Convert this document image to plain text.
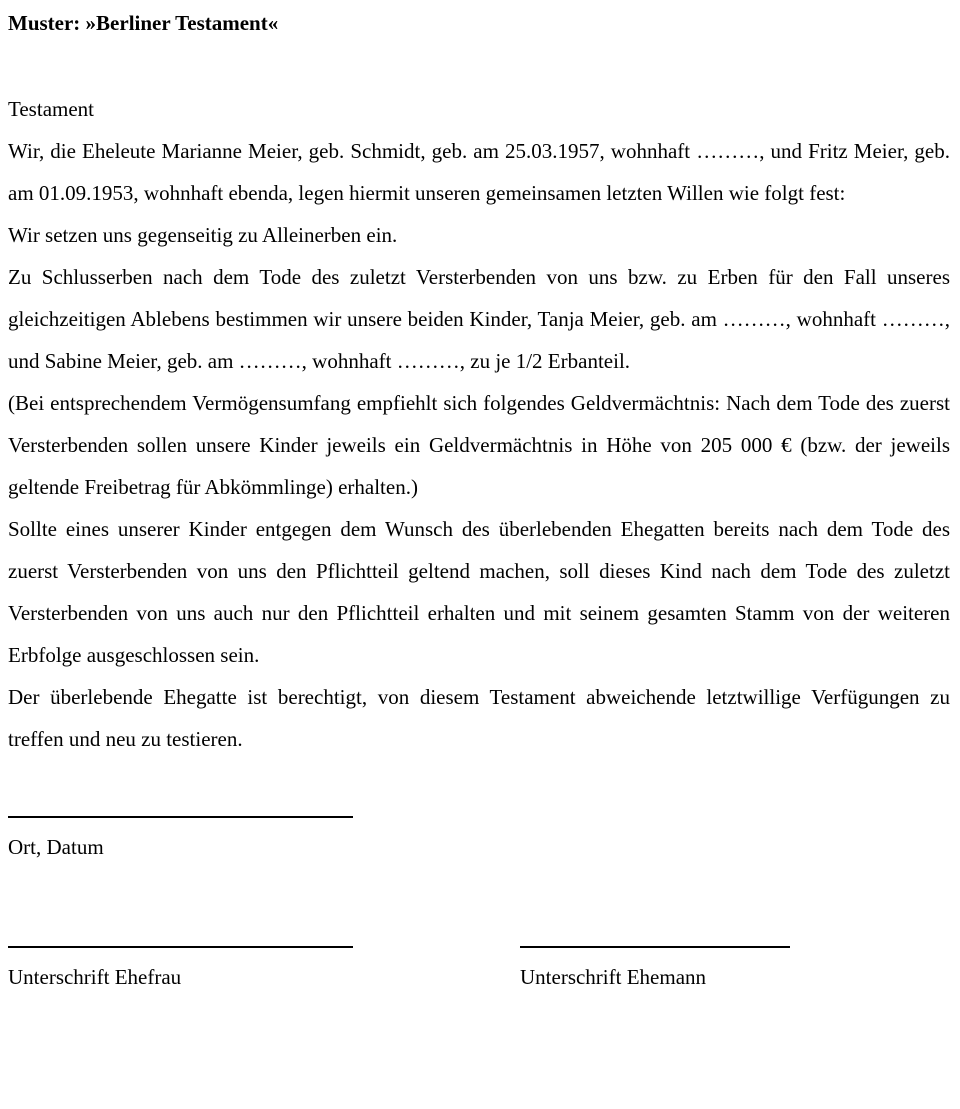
Muster: »Berliner Testament«

Testament

Wir, die Eheleute Marianne Meier, geb. Schmidt, geb. am 25.03.1957, wohnhaft ………, und Fritz Meier, geb. am 01.09.1953, wohnhaft ebenda, legen hiermit unseren gemeinsamen letzten Willen wie folgt fest:

Wir setzen uns gegenseitig zu Alleinerben ein.

Zu Schlusserben nach dem Tode des zuletzt Versterbenden von uns bzw. zu Erben für den Fall unseres gleichzeitigen Ablebens bestimmen wir unsere beiden Kinder, Tanja Meier, geb. am ………, wohnhaft ………, und Sabine Meier, geb. am ………, wohnhaft ………, zu je 1/2 Erbanteil.

(Bei entsprechendem Vermögensumfang empfiehlt sich folgendes Geldvermächtnis: Nach dem Tode des zuerst Versterbenden sollen unsere Kinder jeweils ein Geldvermächtnis in Höhe von 205 000 € (bzw. der jeweils geltende Freibetrag für Abkömmlinge) erhalten.)

Sollte eines unserer Kinder entgegen dem Wunsch des überlebenden Ehegatten bereits nach dem Tode des zuerst Versterbenden von uns den Pflichtteil geltend machen, soll dieses Kind nach dem Tode des zuletzt Versterbenden von uns auch nur den Pflichtteil erhalten und mit seinem gesamten Stamm von der weiteren Erbfolge ausgeschlossen sein.

Der überlebende Ehegatte ist berechtigt, von diesem Testament abweichende letztwillige Verfügungen zu treffen und neu zu testieren.

Ort, Datum
Unterschrift Ehefrau	Unterschrift Ehemann
